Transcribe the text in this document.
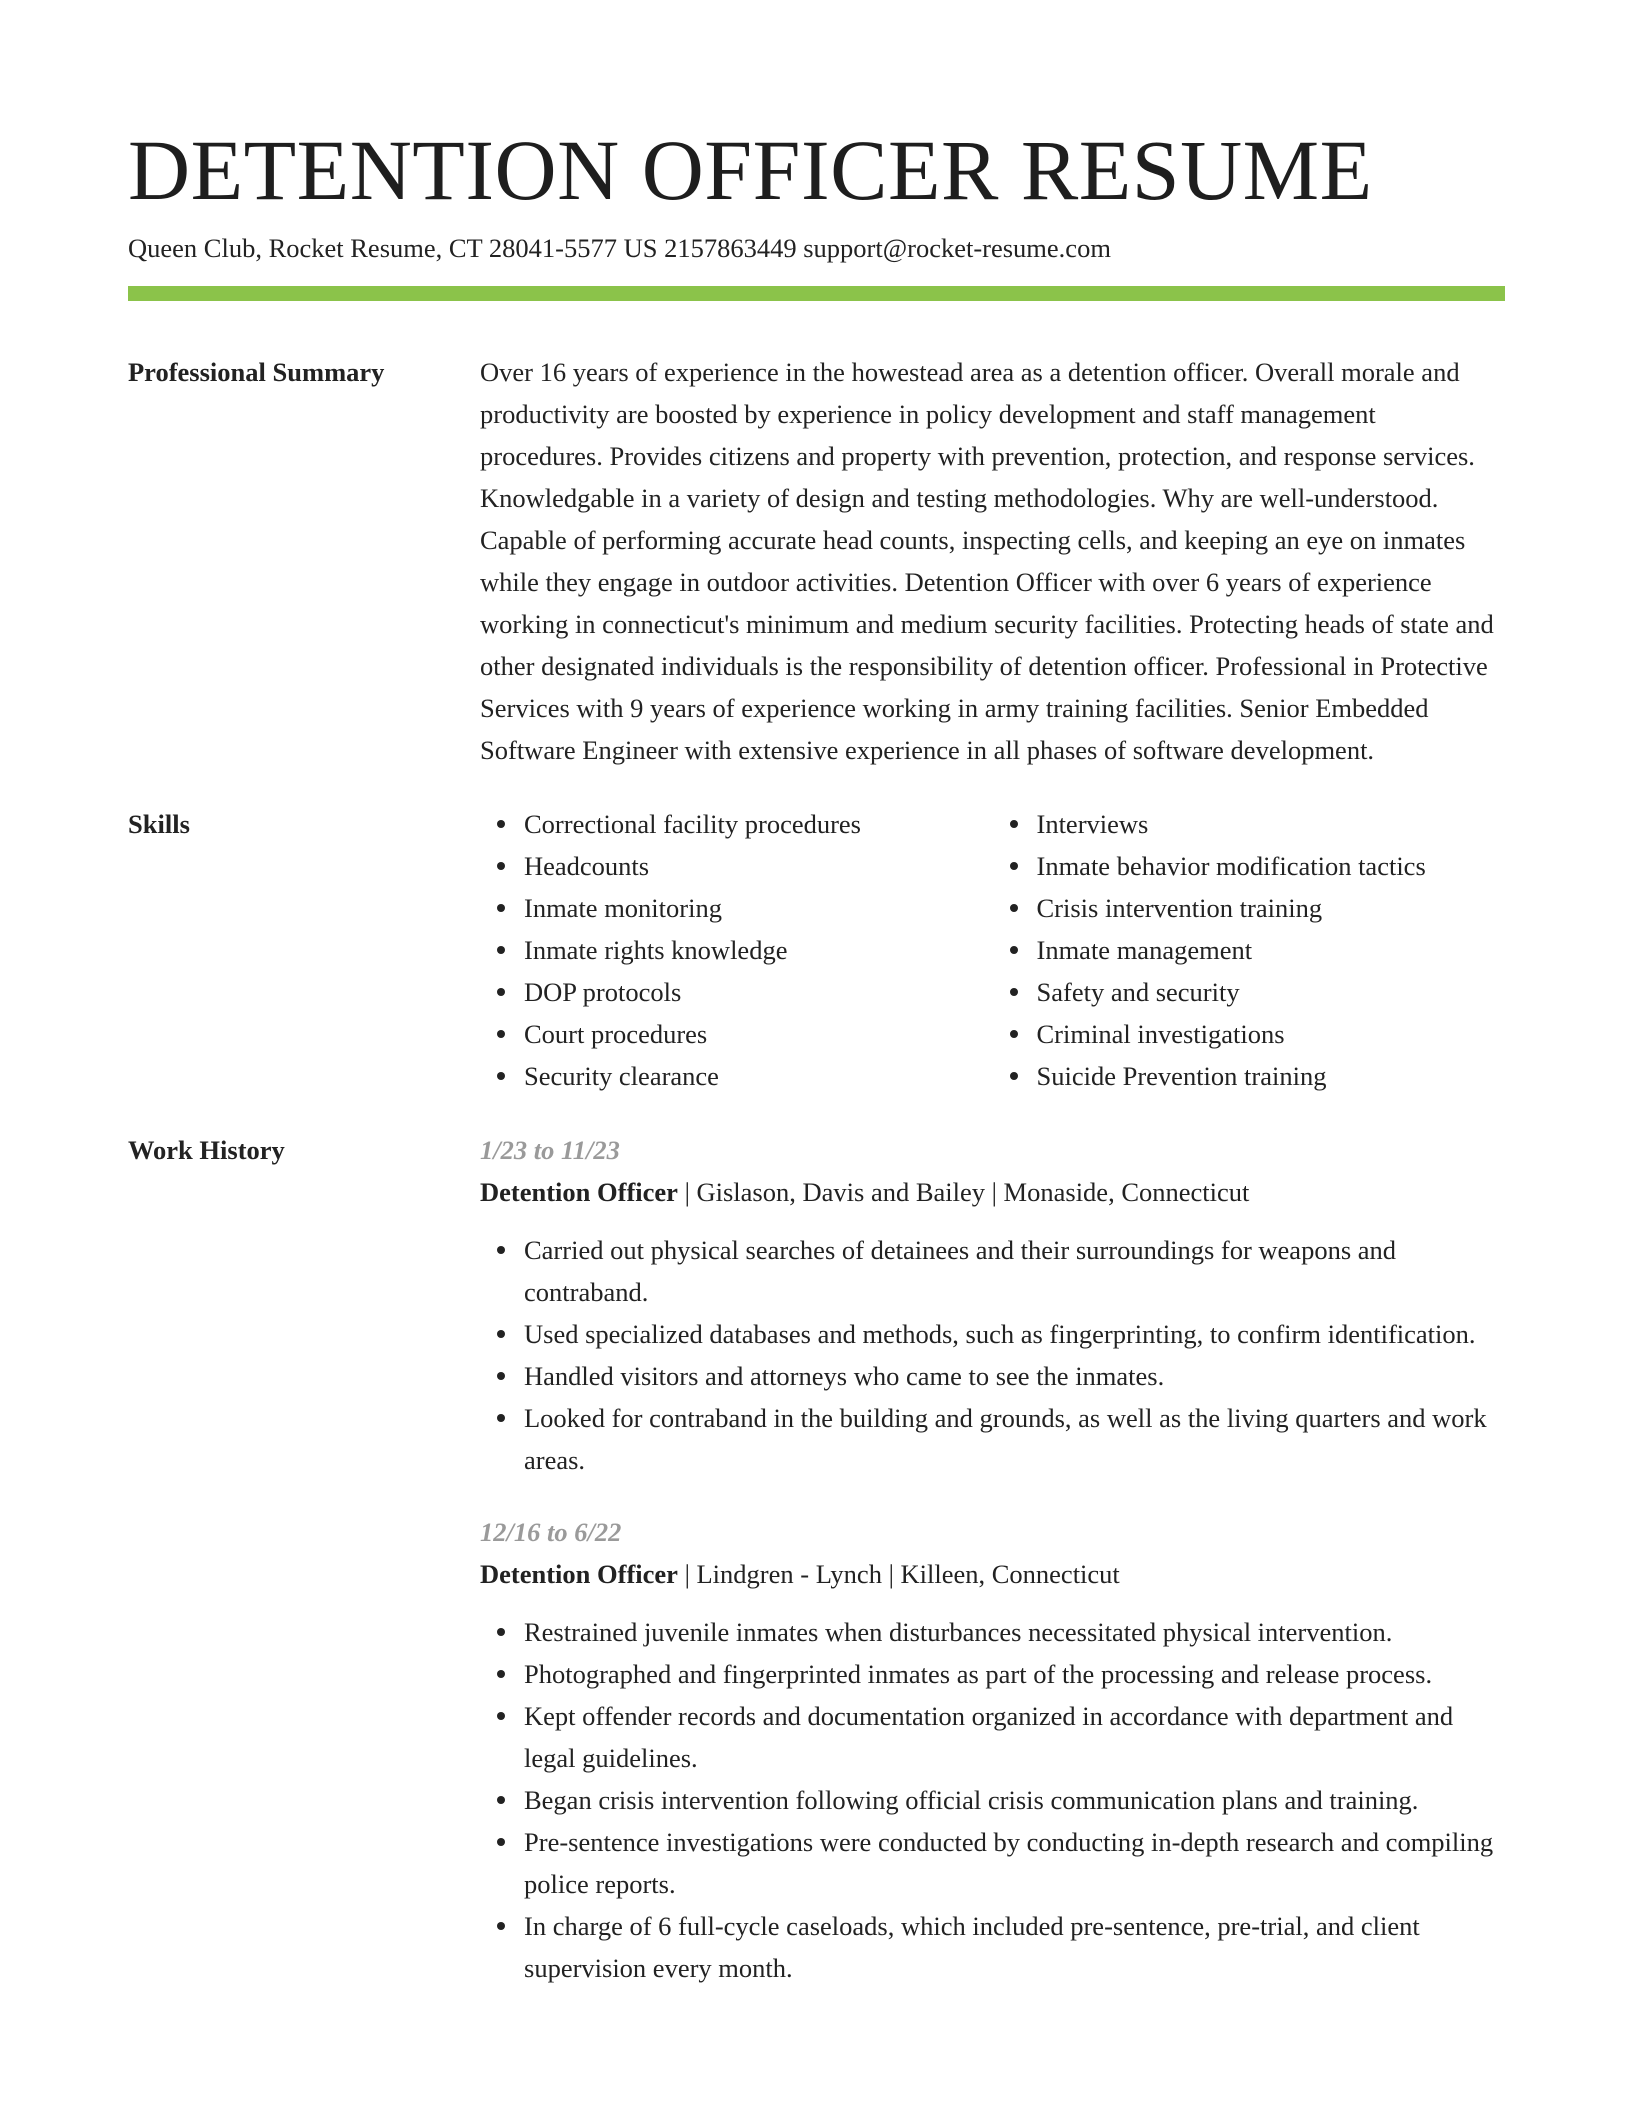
DETENTION OFFICER RESUME
Queen Club, Rocket Resume, CT 28041-5577 US 2157863449 support@rocket-resume.com
Professional Summary	Over 16 years of experience in the howestead area as a detention officer. Overall morale and productivity are boosted by experience in policy development and staff management procedures. Provides citizens and property with prevention, protection, and response services. Knowledgable in a variety of design and testing methodologies. Why are well-understood. Capable of performing accurate head counts, inspecting cells, and keeping an eye on inmates while they engage in outdoor activities. Detention Officer with over 6 years of experience working in connecticut's minimum and medium security facilities. Protecting heads of state and other designated individuals is the responsibility of detention officer. Professional in Protective Services with 9 years of experience working in army training facilities. Senior Embedded Software Engineer with extensive experience in all phases of software development.

Skills	Correctional facility procedures
Headcounts
Inmate monitoring
Inmate rights knowledge
DOP protocols
Court procedures
Security clearance
Interviews
Inmate behavior modification tactics
Crisis intervention training
Inmate management
Safety and security
Criminal investigations
Suicide Prevention training
Work History	1/23 to 11/23
Detention Officer | Gislason, Davis and Bailey | Monaside, Connecticut
Carried out physical searches of detainees and their surroundings for weapons and contraband.
Used specialized databases and methods, such as fingerprinting, to confirm identification.
Handled visitors and attorneys who came to see the inmates.
Looked for contraband in the building and grounds, as well as the living quarters and work areas.
12/16 to 6/22
Detention Officer | Lindgren - Lynch | Killeen, Connecticut
Restrained juvenile inmates when disturbances necessitated physical intervention.
Photographed and fingerprinted inmates as part of the processing and release process.
Kept offender records and documentation organized in accordance with department and legal guidelines.
Began crisis intervention following official crisis communication plans and training.
Pre-sentence investigations were conducted by conducting in-depth research and compiling police reports.
In charge of 6 full-cycle caseloads, which included pre-sentence, pre-trial, and client supervision every month.
